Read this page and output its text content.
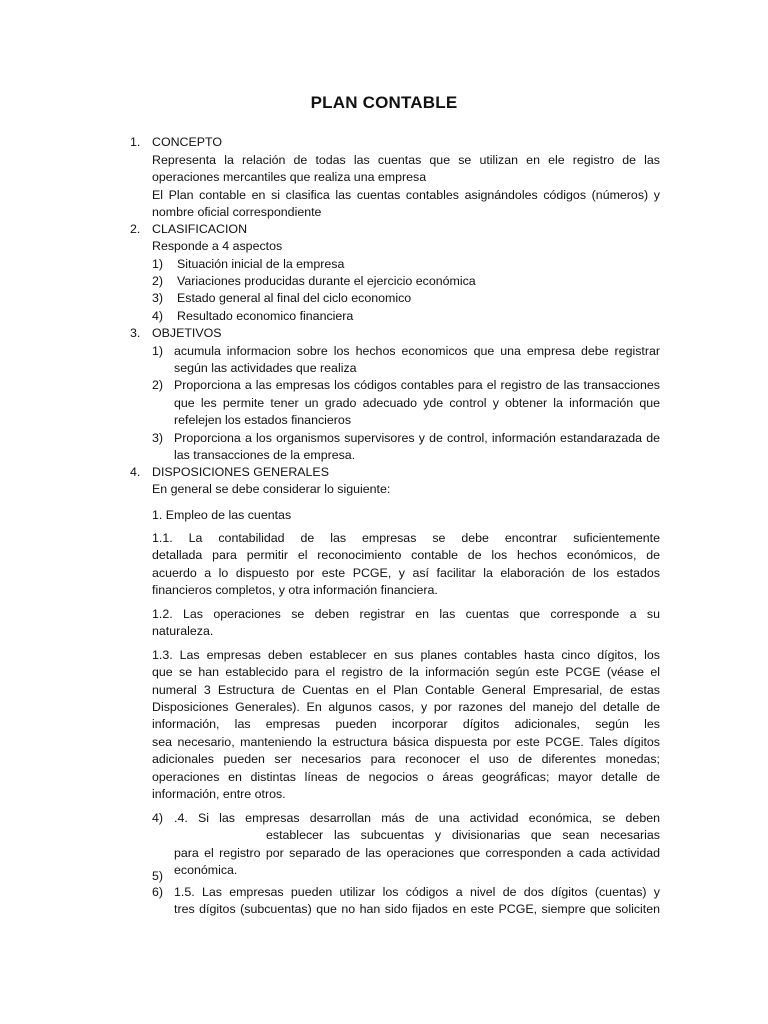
PLAN CONTABLE
1. CONCEPTO
Representa la relación de todas las cuentas que se utilizan en ele registro de las
operaciones mercantiles que realiza una empresa
El Plan contable en si clasifica las cuentas contables asignándoles códigos (números) y
nombre oficial correspondiente
2. CLASIFICACION
Responde a 4 aspectos
1) Situación inicial de la empresa
2) Variaciones producidas durante el ejercicio económica
3) Estado general al final del ciclo economico
4) Resultado economico financiera
3. OBJETIVOS
1) acumula informacion sobre los hechos economicos que una empresa debe registrar
según las actividades que realiza
2) Proporciona a las empresas los códigos contables para el registro de las transacciones
que les permite tener un grado adecuado yde control y obtener la información que
refelejen los estados financieros
3) Proporciona a los organismos supervisores y de control, información estandarazada de
las transacciones de la empresa.
4. DISPOSICIONES GENERALES
En general se debe considerar lo siguiente:
1. Empleo de las cuentas
1.1. La contabilidad de las empresas se debe encontrar suficientemente
detallada para permitir el reconocimiento contable de los hechos económicos, de
acuerdo a lo dispuesto por este PCGE, y así facilitar la elaboración de los estados
financieros completos, y otra información financiera.
1.2. Las operaciones se deben registrar en las cuentas que corresponde a su
naturaleza.
1.3. Las empresas deben establecer en sus planes contables hasta cinco dígitos, los
que se han establecido para el registro de la información según este PCGE (véase el
numeral 3 Estructura de Cuentas en el Plan Contable General Empresarial, de estas
Disposiciones Generales). En algunos casos, y por razones del manejo del detalle de
información, las empresas pueden incorporar dígitos adicionales, según les
sea necesario, manteniendo la estructura básica dispuesta por este PCGE. Tales dígitos
adicionales pueden ser necesarios para reconocer el uso de diferentes monedas;
operaciones en distintas líneas de negocios o áreas geográficas; mayor detalle de
información, entre otros.
4) .4. Si las empresas desarrollan más de una actividad económica, se deben
establecer las subcuentas y divisionarias que sean necesarias
para el registro por separado de las operaciones que corresponden a cada actividad
económica.
5)
6) 1.5. Las empresas pueden utilizar los códigos a nivel de dos dígitos (cuentas) y
tres dígitos (subcuentas) que no han sido fijados en este PCGE, siempre que soliciten
